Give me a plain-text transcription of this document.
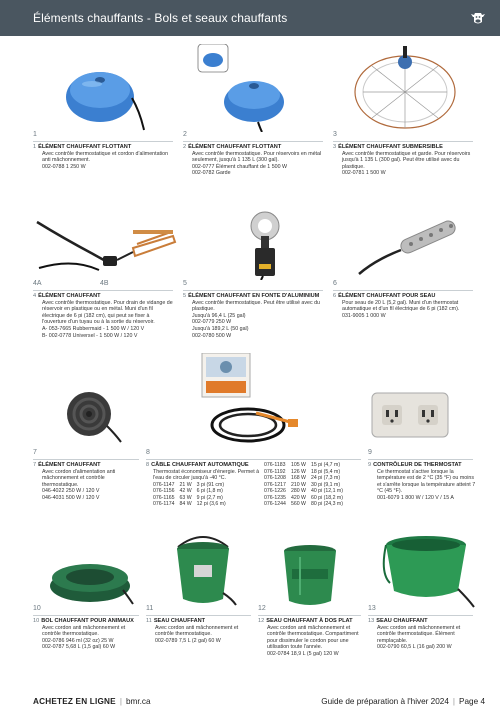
Éléments chauffants - Bols et seaux chauffants
1	2	3
1 ÉLÉMENT CHAUFFANT FLOTTANT
Avec contrôle thermostatique et cordon d'alimentation anti mâchonnement.
002-0788 1 250 W
2 ÉLÉMENT CHAUFFANT FLOTTANT
Avec contrôle thermostatique. Pour réservoirs en métal seulement, jusqu'à 1 135 L (300 gal).
002-0777 Élément chauffant de 1 500 W
002-0782 Garde
3 ÉLÉMENT CHAUFFANT SUBMERSIBLE
Avec contrôle thermostatique et garde. Pour réservoirs jusqu'à 1 135 L (300 gal). Peut être utilisé avec du plastique.
002-0781 1 500 W
4A	4B	5	6
4 ÉLÉMENT CHAUFFANT
Avec contrôle thermostatique. Pour drain de vidange de réservoir en plastique ou en métal. Muni d'un fil électrique de 6 pi (182 cm), qui peut se fixer à l'ouverture d'un tuyau ou à la sortie du réservoir.
A- 053-7665 Rubbermaid - 1 500 W / 120 V
B- 002-0778 Universel - 1 500 W / 120 V
5 ÉLÉMENT CHAUFFANT EN FONTE D'ALUMINIUM
Avec contrôle thermostatique. Peut être utilisé avec du plastique.
Jusqu'à 96,4 L (25 gal)
002-0779 250 W
Jusqu'à 189,2 L (50 gal)
002-0780 500 W
6 ÉLÉMENT CHAUFFANT POUR SEAU
Pour seau de 20 L (5,2 gal). Muni d'un thermostat automatique et d'un fil électrique de 6 pi (182 cm).
031-9005 1 000 W
7	8	9
7 ÉLÉMENT CHAUFFANT
Avec cordon d'alimentation anti mâchonnement et contrôle thermostatique.
046-4022 250 W / 120 V
046-4031 500 W / 120 V
8 CÂBLE CHAUFFANT AUTOMATIQUE
Thermostat économiseur d'énergie. Permet à l'eau de circuler jusqu'à -40 °C.
076-1147	21 W	3 pi (91 cm)
076-1156	42 W	6 pi (1,8 m)
076-1165	63 W	9 pi (2,7 m)
076-1174	84 W	12 pi (3,6 m)
076-1183	105 W	15 pi (4,7 m)
076-1192	126 W	18 pi (5,4 m)
076-1208	168 W	24 pi (7,3 m)
076-1217	210 W	30 pi (9,1 m)
076-1226	280 W	40 pi (12,1 m)
076-1235	420 W	60 pi (18,2 m)
076-1244	560 W	80 pi (24,3 m)
9 CONTRÔLEUR DE THERMOSTAT
Ce thermostat s'active lorsque la température est de 2 °C (35 °F) ou moins et s'arrête lorsque la température atteint 7 °C (45 °F).
001-6079 1 800 W / 120 V / 15 A
10	11	12	13
10 BOL CHAUFFANT POUR ANIMAUX
Avec cordon anti mâchonnement et contrôle thermostatique.
002-0786 946 ml (32 oz) 25 W
002-0787 5,68 L (1,5 gal) 60 W
11 SEAU CHAUFFANT
Avec cordon anti mâchonnement et contrôle thermostatique.
002-0789 7,5 L (2 gal) 60 W
12 SEAU CHAUFFANT À DOS PLAT
Avec cordon anti mâchonnement et contrôle thermostatique. Compartiment pour dissimuler le cordon pour une utilisation toute l'année.
002-0784 18,9 L (5 gal) 120 W
13 SEAU CHAUFFANT
Avec cordon anti mâchonnement et contrôle thermostatique. Élément remplaçable.
002-0790 60,5 L (16 gal) 200 W
ACHETEZ EN LIGNE | bmr.ca	Guide de préparation à l'hiver 2024 | Page 4
